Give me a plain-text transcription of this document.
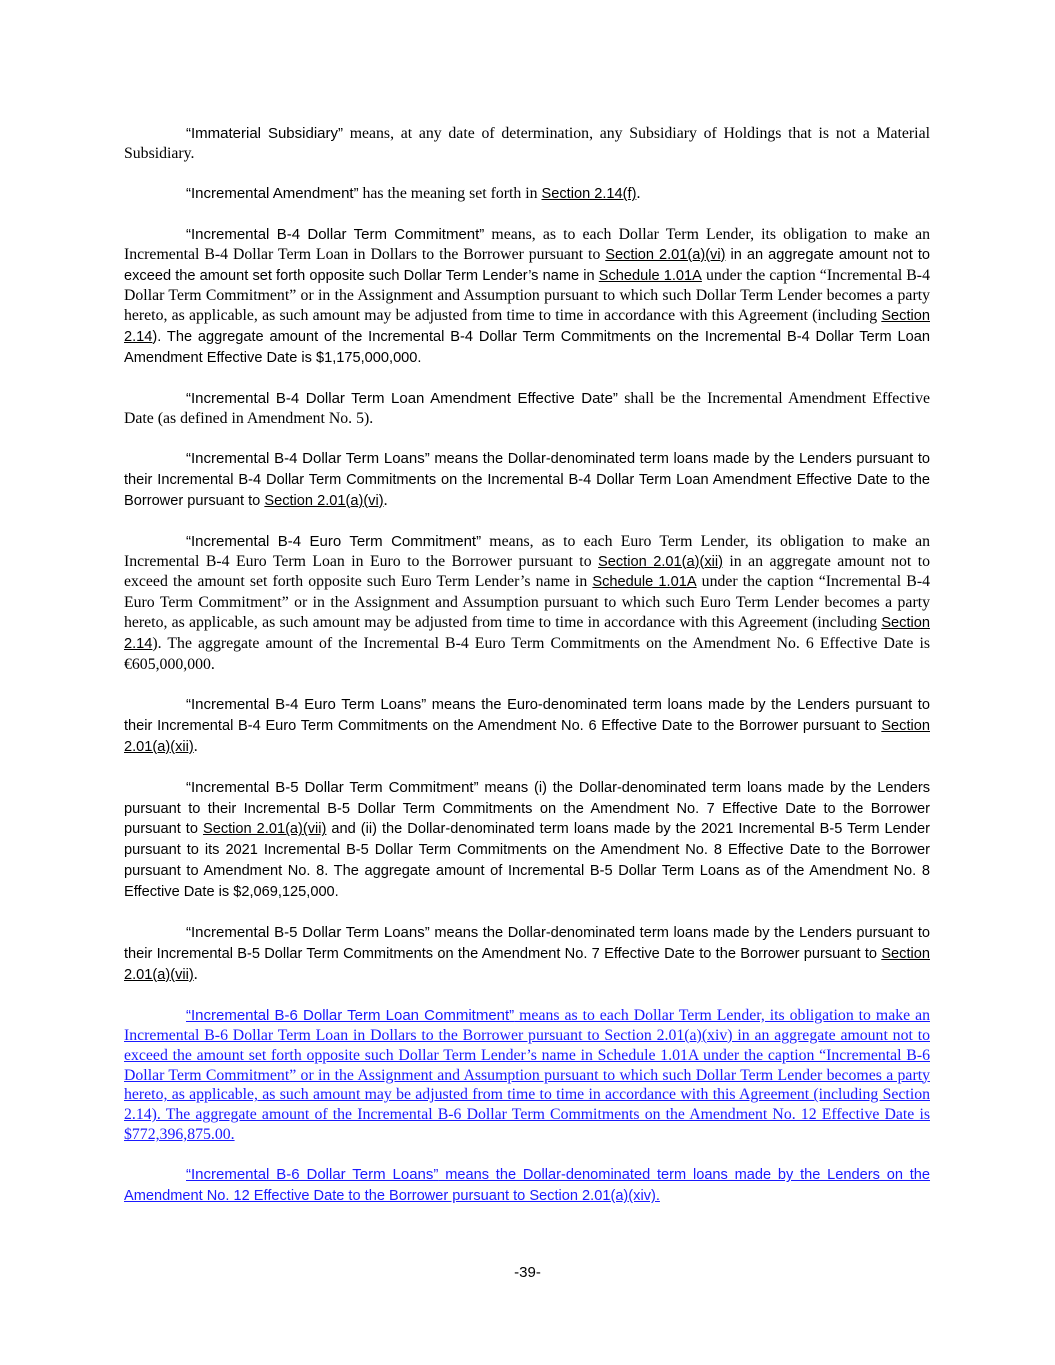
“Immaterial Subsidiary” means, at any date of determination, any Subsidiary of Holdings that is not a Material Subsidiary.

“Incremental Amendment” has the meaning set forth in Section 2.14(f).

“Incremental B-4 Dollar Term Commitment” means, as to each Dollar Term Lender, its obligation to make an Incremental B-4 Dollar Term Loan in Dollars to the Borrower pursuant to Section 2.01(a)(vi) in an aggregate amount not to exceed the amount set forth opposite such Dollar Term Lender’s name in Schedule 1.01A under the caption “Incremental B-4 Dollar Term Commitment” or in the Assignment and Assumption pursuant to which such Dollar Term Lender becomes a party hereto, as applicable, as such amount may be adjusted from time to time in accordance with this Agreement (including Section 2.14). The aggregate amount of the Incremental B-4 Dollar Term Commitments on the Incremental B-4 Dollar Term Loan Amendment Effective Date is $1,175,000,000.

“Incremental B-4 Dollar Term Loan Amendment Effective Date” shall be the Incremental Amendment Effective Date (as defined in Amendment No. 5).

“Incremental B-4 Dollar Term Loans” means the Dollar-denominated term loans made by the Lenders pursuant to their Incremental B-4 Dollar Term Commitments on the Incremental B-4 Dollar Term Loan Amendment Effective Date to the Borrower pursuant to Section 2.01(a)(vi).

“Incremental B-4 Euro Term Commitment” means, as to each Euro Term Lender, its obligation to make an Incremental B-4 Euro Term Loan in Euro to the Borrower pursuant to Section 2.01(a)(xii) in an aggregate amount not to exceed the amount set forth opposite such Euro Term Lender’s name in Schedule 1.01A under the caption “Incremental B-4 Euro Term Commitment” or in the Assignment and Assumption pursuant to which such Euro Term Lender becomes a party hereto, as applicable, as such amount may be adjusted from time to time in accordance with this Agreement (including Section 2.14). The aggregate amount of the Incremental B-4 Euro Term Commitments on the Amendment No. 6 Effective Date is €605,000,000.

“Incremental B-4 Euro Term Loans” means the Euro-denominated term loans made by the Lenders pursuant to their Incremental B-4 Euro Term Commitments on the Amendment No. 6 Effective Date to the Borrower pursuant to Section 2.01(a)(xii).

“Incremental B-5 Dollar Term Commitment” means (i) the Dollar-denominated term loans made by the Lenders pursuant to their Incremental B-5 Dollar Term Commitments on the Amendment No. 7 Effective Date to the Borrower pursuant to Section 2.01(a)(vii) and (ii) the Dollar-denominated term loans made by the 2021 Incremental B-5 Term Lender pursuant to its 2021 Incremental B-5 Dollar Term Commitments on the Amendment No. 8 Effective Date to the Borrower pursuant to Amendment No. 8. The aggregate amount of Incremental B-5 Dollar Term Loans as of the Amendment No. 8 Effective Date is $2,069,125,000.

“Incremental B-5 Dollar Term Loans” means the Dollar-denominated term loans made by the Lenders pursuant to their Incremental B-5 Dollar Term Commitments on the Amendment No. 7 Effective Date to the Borrower pursuant to Section 2.01(a)(vii).

“Incremental B-6 Dollar Term Loan Commitment” means as to each Dollar Term Lender, its obligation to make an Incremental B-6 Dollar Term Loan in Dollars to the Borrower pursuant to Section 2.01(a)(xiv) in an aggregate amount not to exceed the amount set forth opposite such Dollar Term Lender’s name in Schedule 1.01A under the caption “Incremental B-6 Dollar Term Commitment” or in the Assignment and Assumption pursuant to which such Dollar Term Lender becomes a party hereto, as applicable, as such amount may be adjusted from time to time in accordance with this Agreement (including Section 2.14). The aggregate amount of the Incremental B-6 Dollar Term Commitments on the Amendment No. 12 Effective Date is $772,396,875.00.

“Incremental B-6 Dollar Term Loans” means the Dollar-denominated term loans made by the Lenders on the Amendment No. 12 Effective Date to the Borrower pursuant to Section 2.01(a)(xiv).

-39-
